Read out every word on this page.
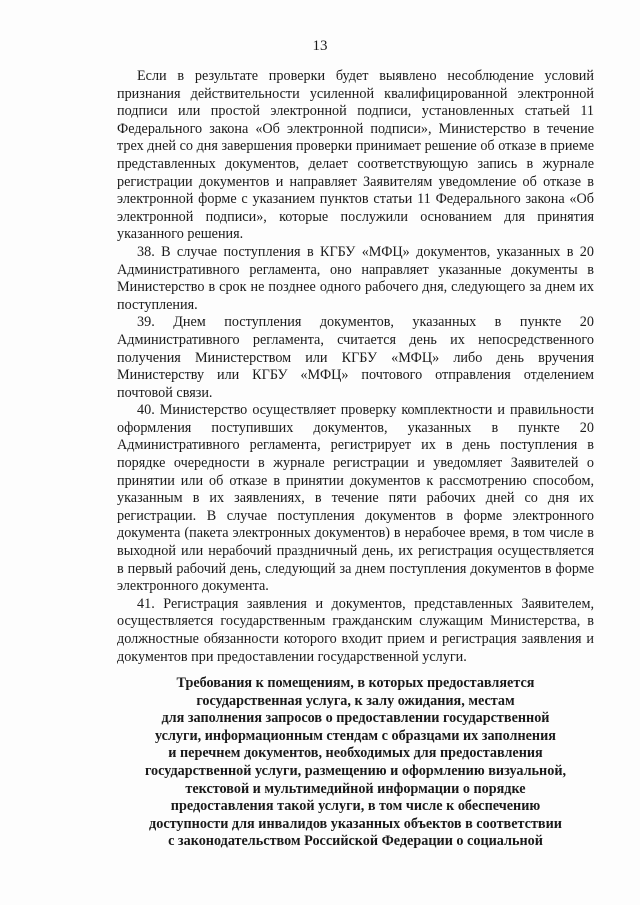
13

Если в результате проверки будет выявлено несоблюдение условий признания действительности усиленной квалифицированной электронной подписи или простой электронной подписи, установленных статьей 11 Федерального закона «Об электронной подписи», Министерство в течение трех дней со дня завершения проверки принимает решение об отказе в приеме представленных документов, делает соответствующую запись в журнале регистрации документов и направляет Заявителям уведомление об отказе в электронной форме с указанием пунктов статьи 11 Федерального закона «Об электронной подписи», которые послужили основанием для принятия указанного решения.

38. В случае поступления в КГБУ «МФЦ» документов, указанных в 20 Административного регламента, оно направляет указанные документы в Министерство в срок не позднее одного рабочего дня, следующего за днем их поступления.

39. Днем поступления документов, указанных в пункте 20 Административного регламента, считается день их непосредственного получения Министерством или КГБУ «МФЦ» либо день вручения Министерству или КГБУ «МФЦ» почтового отправления отделением почтовой связи.

40. Министерство осуществляет проверку комплектности и правильности оформления поступивших документов, указанных в пункте 20 Административного регламента, регистрирует их в день поступления в порядке очередности в журнале регистрации и уведомляет Заявителей о принятии или об отказе в принятии документов к рассмотрению способом, указанным в их заявлениях, в течение пяти рабочих дней со дня их регистрации. В случае поступления документов в форме электронного документа (пакета электронных документов) в нерабочее время, в том числе в выходной или нерабочий праздничный день, их регистрация осуществляется в первый рабочий день, следующий за днем поступления документов в форме электронного документа.

41. Регистрация заявления и документов, представленных Заявителем, осуществляется государственным гражданским служащим Министерства, в должностные обязанности которого входит прием и регистрация заявления и документов при предоставлении государственной услуги.

Требования к помещениям, в которых предоставляется
государственная услуга, к залу ожидания, местам
для заполнения запросов о предоставлении государственной
услуги, информационным стендам с образцами их заполнения
и перечнем документов, необходимых для предоставления
государственной услуги, размещению и оформлению визуальной,
текстовой и мультимедийной информации о порядке
предоставления такой услуги, в том числе к обеспечению
доступности для инвалидов указанных объектов в соответствии
с законодательством Российской Федерации о социальной
